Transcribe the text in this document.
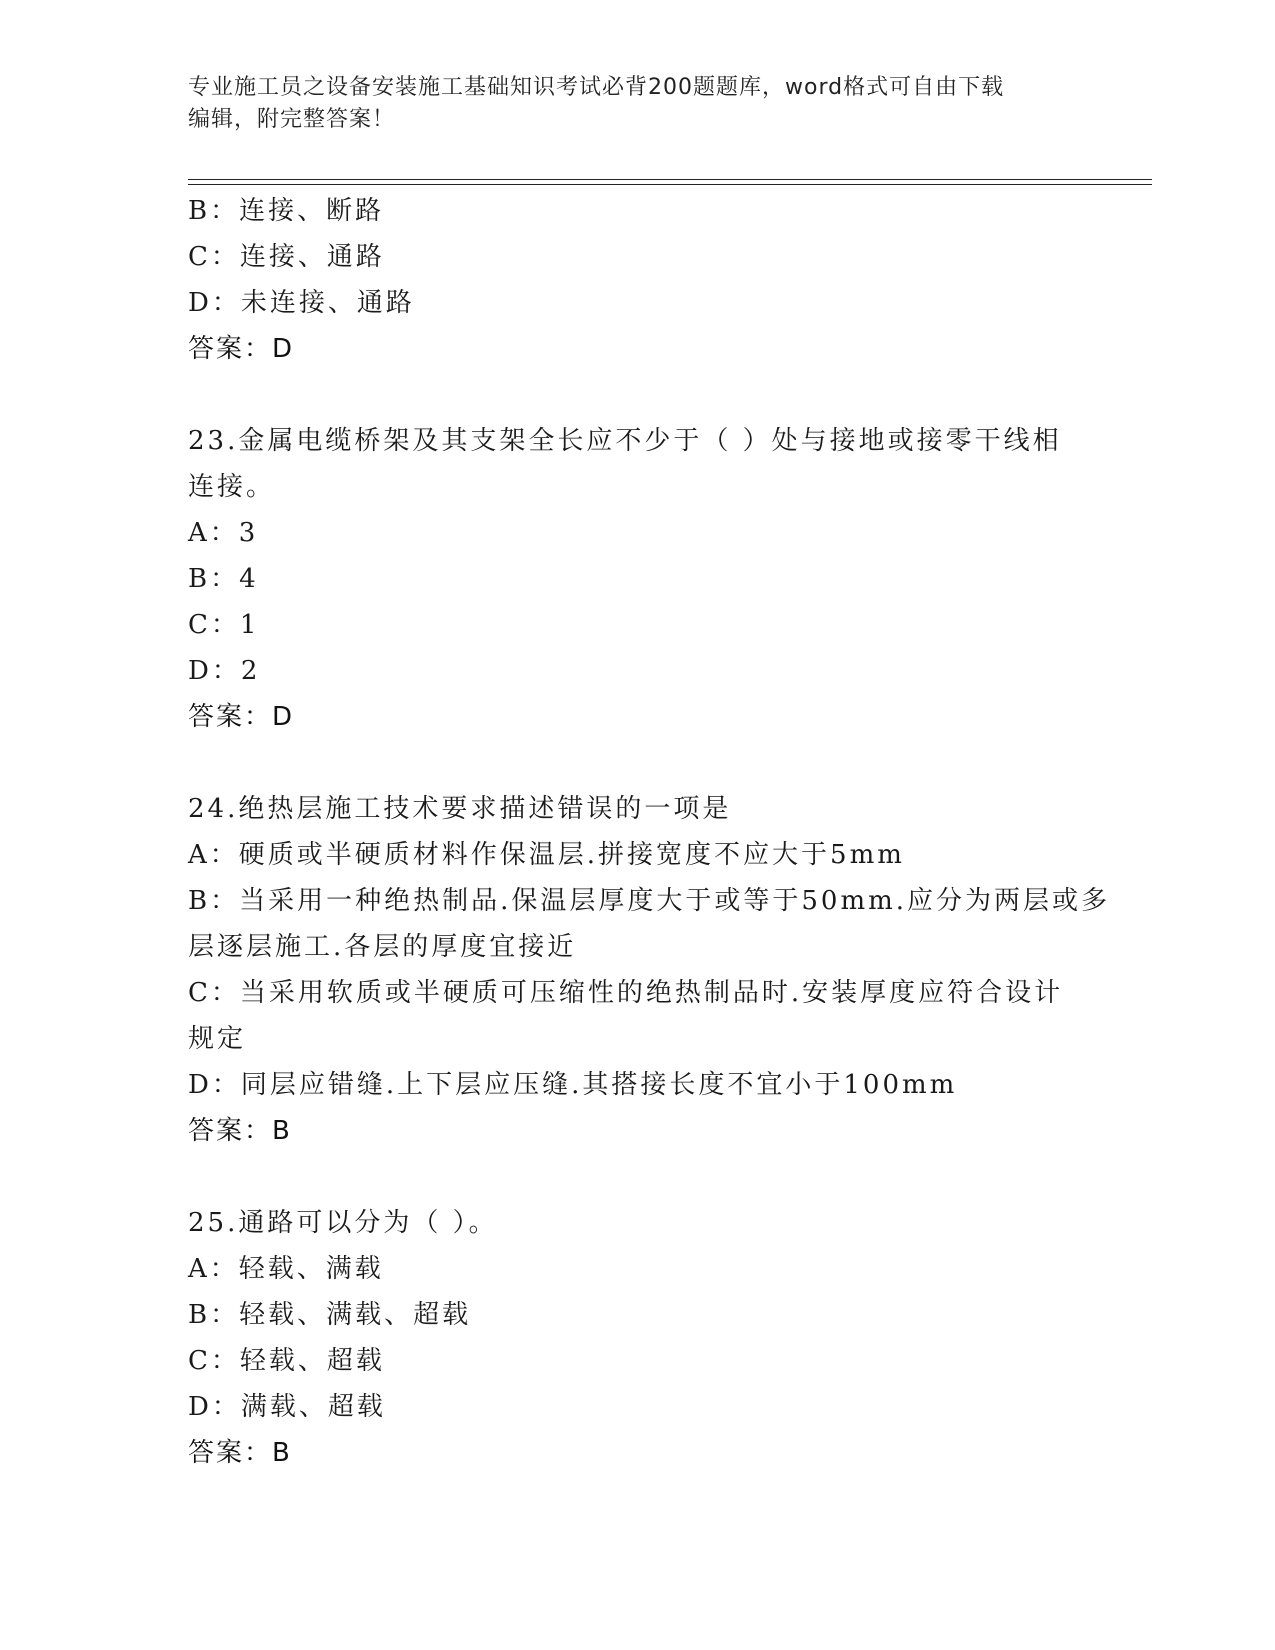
专业施工员之设备安装施工基础知识考试必背200题题库，word格式可自由下载
编辑，附完整答案！
B：连接、断路
C：连接、通路
D：未连接、通路
答案：D
23.金属电缆桥架及其支架全长应不少于（ ）处与接地或接零干线相
连接。
A：3
B：4
C：1
D：2
答案：D
24.绝热层施工技术要求描述错误的一项是
A：硬质或半硬质材料作保温层.拼接宽度不应大于5mm
B：当采用一种绝热制品.保温层厚度大于或等于50mm.应分为两层或多
层逐层施工.各层的厚度宜接近
C：当采用软质或半硬质可压缩性的绝热制品时.安装厚度应符合设计
规定
D：同层应错缝.上下层应压缝.其搭接长度不宜小于100mm
答案：B
25.通路可以分为（ ）。
A：轻载、满载
B：轻载、满载、超载
C：轻载、超载
D：满载、超载
答案：B
